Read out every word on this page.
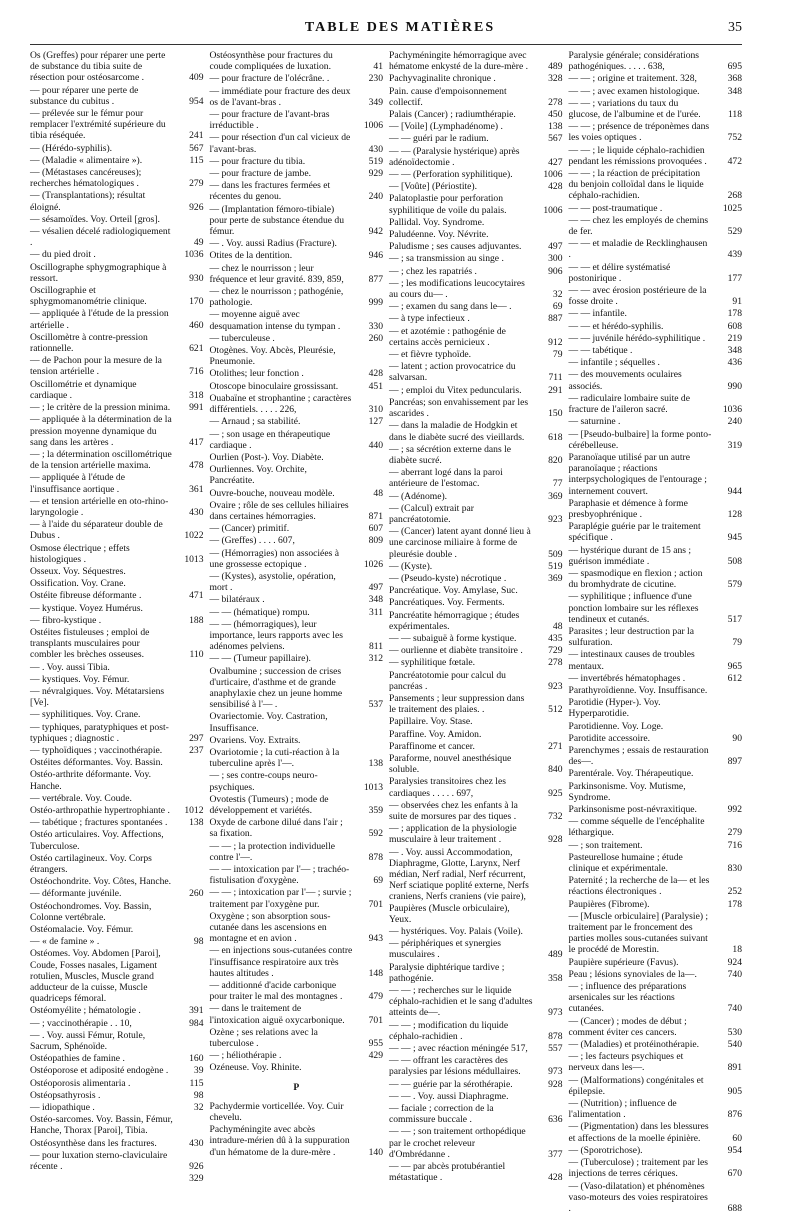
TABLE DES MATIÈRES	35
Os (Greffes) pour réparer une perte de substance du tibia suite de résection pour ostéosarcome .	409
— pour réparer une perte de substance du cubitus .	954
— prélevée sur le fémur pour remplacer l'extrémité supérieure du tibia réséquée.	241
— (Hérédo-syphilis).	567
— (Maladie « alimentaire »).	115
— (Métastases cancéreuses); recherches hématologiques .	279
— (Transplantations); résultat éloigné.	926
— sésamoïdes. Voy. Orteil [gros].
— vésalien décelé radiologiquement .	49
— du pied droit .	1036
Oscillographe sphygmographique à ressort.	930
Oscillographie et sphygmomanométrie clinique.	170
— appliquée à l'étude de la pression artérielle .	460
Oscillomètre à contre-pression rationnelle.	621
— de Pachon pour la mesure de la tension artérielle .	716
Oscillométrie et dynamique cardiaque .	318
— ; le critère de la pression minima.	991
— appliquée à la détermination de la pression moyenne dynamique du sang dans les artères .	417
— ; la détermination oscillométrique de la tension artérielle maxima.	478
— appliquée à l'étude de l'insuffisance aortique .	361
— et tension artérielle en oto-rhino-laryngologie .	430
— à l'aide du séparateur double de Dubus .	1022
Osmose électrique ; effets histologiques .	1013
Osseux. Voy. Séquestres.
Ossification. Voy. Crane.
Ostéite fibreuse déformante .	471
— kystique. Voyez Humérus.
— fibro-kystique .	188
Ostéites fistuleuses ; emploi de transplants musculaires pour combler les brèches osseuses.	110
— . Voy. aussi Tibia.
— kystiques. Voy. Fémur.
— névralgiques. Voy. Métatarsiens [Ve].
— syphilitiques. Voy. Crane.
— typhiques, paratyphiques et post-typhiques ; diagnostic .	297
— typhoïdiques ; vaccinothérapie.	237
Ostéites déformantes. Voy. Bassin.
Ostéo-arthrite déformante. Voy. Hanche.
— vertébrale. Voy. Coude.
Ostéo-arthropathie hypertrophiante .	1012
— tabétique ; fractures spontanées .	138
Ostéo articulaires. Voy. Affections, Tuberculose.
Ostéo cartilagineux. Voy. Corps étrangers.
Ostéochondrite. Voy. Côtes, Hanche.
— déformante juvénile.	260
Ostéochondromes. Voy. Bassin, Colonne vertébrale.
Ostéomalacie. Voy. Fémur.
— « de famine » .	98
Ostéomes. Voy. Abdomen [Paroi], Coude, Fosses nasales, Ligament rotulien, Muscles, Muscle grand adducteur de la cuisse, Muscle quadriceps fémoral.
Ostéomyélite ; hématologie .	391
— ; vaccinothérapie . . 10,	984
— . Voy. aussi Fémur, Rotule, Sacrum, Sphénoïde.
Ostéopathies de famine .	160
Ostéoporose et adiposité endogène .	39
Ostéoporosis alimentaria .	115
Ostéopsathyrosis .	98
— idiopathique .	32
Ostéo-sarcomes. Voy. Bassin, Fémur, Hanche, Thorax [Paroi], Tibia.
Ostéosynthèse dans les fractures.	430
— pour luxation sterno-claviculaire récente .	926
329
Ostéosynthèse pour fractures du coude compliquées de luxation.	41
— pour fracture de l'olécrâne. .	230
— immédiate pour fracture des deux os de l'avant-bras .	349
— pour fracture de l'avant-bras irréductible .	1006
— pour résection d'un cal vicieux de l'avant-bras.	430
— pour fracture du tibia.	519
— pour fracture de jambe.	929
— dans les fractures fermées et récentes du genou.	240
— (Implantation fémoro-tibiale) pour perte de substance étendue du fémur.	942
— . Voy. aussi Radius (Fracture).
Otites de la dentition.	946
— chez le nourrisson ; leur fréquence et leur gravité. 839, 859,	877
— chez le nourrisson ; pathogénie, pathologie.	999
— moyenne aiguë avec desquamation intense du tympan .	330
— tuberculeuse .	260
Otogènes. Voy. Abcès, Pleurésie, Pneumonie.
Otolithes; leur fonction .	428
Otoscope binoculaire grossissant.	451
Ouabaïne et strophantine ; caractères différentiels. . . . . 226,	310
— Arnaud ; sa stabilité.	127
— ; son usage en thérapeutique cardiaque .	440
Ourlien (Post-). Voy. Diabète.
Ourliennes. Voy. Orchite, Pancréatite.
Ouvre-bouche, nouveau modèle.	48
Ovaire ; rôle de ses cellules hiliaires dans certaines hémorragies.	871
— (Cancer) primitif.	607
— (Greffes) . . . . 607,	809
— (Hémorragies) non associées à une grossesse ectopique .	1026
— (Kystes), asystolie, opération, mort .	497
— bilatéraux .	348
— — (hématique) rompu.	311
— — (hémorragiques), leur importance, leurs rapports avec les adénomes pelviens.	811
— — (Tumeur papillaire).	312
Ovalbumine ; succession de crises d'urticaire, d'asthme et de grande anaphylaxie chez un jeune homme sensibilisé à l'— .	537
Ovariectomie. Voy. Castration, Insuffisance.
Ovariens. Voy. Extraits.
Ovariotomie ; la cuti-réaction à la tuberculine après l'—.	138
— ; ses contre-coups neuro-psychiques.	1013
Ovotestis (Tumeurs) ; mode de développement et variétés.	359
Oxyde de carbone dilué dans l'air ; sa fixation.	592
— — ; la protection individuelle contre l'—.	878
— — intoxication par l'— ; trachéo-fistulisation d'oxygène.	69
— — ; intoxication par l'— ; survie ; traitement par l'oxygène pur.	701
Oxygène ; son absorption sous-cutanée dans les ascensions en montagne et en avion .	943
— en injections sous-cutanées contre l'insuffisance respiratoire aux très hautes altitudes .	148
— additionné d'acide carbonique pour traiter le mal des montagnes .	479
— dans le traitement de l'intoxication aiguë oxycarbonique.	701
Ozène ; ses relations avec la tuberculose .	955
— ; héliothérapie .	429
Ozéneuse. Voy. Rhinite.
P
Pachydermie vorticellée. Voy. Cuir chevelu.
Pachyméningite avec abcès intradure-mérien dû à la suppuration d'un hématome de la dure-mère .	140
Pachyméningite hémorragique avec hématome enkysté de la dure-mère .	489
Pachyvaginalite chronique .	328
Pain. cause d'empoisonnement collectif.	278
Palais (Cancer) ; radiumthérapie.	450
— [Voile] (Lymphadénome) .	138
— — guéri par le radium.	567
— — (Paralysie hystérique) après adénoïdectomie .	427
— — (Perforation syphilitique).	1006
— [Voûte] (Périostite).	428
Palatoplastie pour perforation syphilitique de voile du palais.	1006
Pallidal. Voy. Syndrome.
Paludéenne. Voy. Névrite.
Paludisme ; ses causes adjuvantes.	497
— ; sa transmission au singe .	300
— ; chez les rapatriés .	906
— ; les modifications leucocytaires au cours du— .	32
— ; examen du sang dans le— .	69
— à type infectieux .	887
— et azotémie : pathogénie de certains accès pernicieux .	912
— et fièvre typhoïde.	79
— latent ; action provocatrice du salvarsan.	711
— ; emploi du Vitex peduncularis.	291
Pancréas; son envahissement par les ascarides .	150
— dans la maladie de Hodgkin et dans le diabète sucré des vieillards.	618
— ; sa sécrétion externe dans le diabète sucré.	820
— aberrant logé dans la paroi antérieure de l'estomac.	77
— (Adénome).	369
— (Calcul) extrait par pancréatotomie.	923
— (Cancer) latent ayant donné lieu à une carcinose miliaire à forme de pleurésie double .	509
— (Kyste).	519
— (Pseudo-kyste) nécrotique .	369
Pancréatique. Voy. Amylase, Suc.
Pancréatiques. Voy. Ferments.
Pancréatite hémorragique ; études expérimentales.	48
— — subaiguë à forme kystique.	435
— ourlienne et diabète transitoire .	729
— syphilitique fœtale.	278
Pancréatotomie pour calcul du pancréas .	923
Pansements ; leur suppression dans le traitement des plaies. .	512
Papillaire. Voy. Stase.
Paraffine. Voy. Amidon.
Paraffinome et cancer.	271
Paraforme, nouvel anesthésique soluble.	840
Paralysies transitoires chez les cardiaques . . . . . 697,	925
— observées chez les enfants à la suite de morsures par des tiques .	732
— ; application de la physiologie musculaire à leur traitement .	928
— . Voy. aussi Accommodation, Diaphragme, Glotte, Larynx, Nerf médian, Nerf radial, Nerf récurrent, Nerf sciatique poplité externe, Nerfs craniens, Nerfs craniens (vie paire), Paupières (Muscle orbiculaire), Yeux.
— hystériques. Voy. Palais (Voile).
— périphériques et synergies musculaires .	489
Paralysie diphtérique tardive ; pathogénie.	358
— — ; recherches sur le liquide céphalo-rachidien et le sang d'adultes atteints de—.	973
— — ; modification du liquide céphalo-rachidien .	878
— — ; avec réaction méningée 517,	557
— — offrant les caractères des paralysies par lésions médullaires.	973
— — guérie par la sérothérapie.	928
— — . Voy. aussi Diaphragme.
— faciale ; correction de la commissure buccale .	636
— — ; son traitement orthopédique par le crochet releveur d'Ombrédanne .	377
— — par abcès protubérantiel métastatique .	428
Paralysie générale; considérations pathogéniques. . . . . 638,	695
— — ; origine et traitement. 328,	368
— — ; avec examen histologique.	348
— — ; variations du taux du glucose, de l'albumine et de l'urée.	118
— — ; présence de tréponèmes dans les voies optiques .	752
— — ; le liquide céphalo-rachidien pendant les rémissions provoquées .	472
— — ; la réaction de précipitation du benjoin colloïdal dans le liquide céphalo-rachidien.	268
— — post-traumatique .	1025
— — chez les employés de chemins de fer.	529
— — et maladie de Recklinghausen .	439
— — et délire systématisé postonirique .	177
— — avec érosion postérieure de la fosse droite .	91
— — infantile.	178
— — et hérédo-syphilis.	608
— — juvénile hérédo-syphilitique .	219
— — tabétique .	348
— infantile ; séquelles .	436
— des mouvements oculaires associés.	990
— radiculaire lombaire suite de fracture de l'aileron sacré.	1036
— saturnine .	240
— [Pseudo-bulbaire] la forme ponto-cérébelleuse.	319
Paranoïaque utilisé par un autre paranoïaque ; réactions interpsychologiques de l'entourage ; internement couvert.	944
Paraphasie et démence à forme presbyophrénique .	128
Paraplégie guérie par le traitement spécifique .	945
— hystérique durant de 15 ans ; guérison immédiate .	508
— spasmodique en flexion ; action du bromhydrate de cicutine.	579
— syphilitique ; influence d'une ponction lombaire sur les réflexes tendineux et cutanés.	517
Parasites ; leur destruction par la sulfuration.	79
— intestinaux causes de troubles mentaux.	965
— invertébrés hématophages .	612
Parathyroïdienne. Voy. Insuffisance.
Parotidie (Hyper-). Voy. Hyperparotidie.
Parotidienne. Voy. Loge.
Parotidite accessoire.	90
Parenchymes ; essais de restauration des—.	897
Parentérale. Voy. Thérapeutique.
Parkinsonisme. Voy. Mutisme, Syndrome.
Parkinsonisme post-névraxitique.	992
— comme séquelle de l'encéphalite léthargique.	279
— ; son traitement.	716
Pasteurellose humaine ; étude clinique et expérimentale.	830
Paternité ; la recherche de la— et les réactions électroniques .	252
Paupières (Fibrome).	178
— [Muscle orbiculaire] (Paralysie) ; traitement par le froncement des parties molles sous-cutanées suivant le procédé de Morestin.	18
Paupière supérieure (Favus).	924
Peau ; lésions synoviales de la—.	740
— ; influence des préparations arsenicales sur les réactions cutanées.	740
— (Cancer) ; modes de début ; comment éviter ces cancers.	530
— (Maladies) et protéinothérapie.	540
— ; les facteurs psychiques et nerveux dans les—.	891
— (Malformations) congénitales et épilepsie.	905
— (Nutrition) ; influence de l'alimentation .	876
— (Pigmentation) dans les blessures et affections de la moelle épinière.	60
— (Sporotrichose).	954
— (Tuberculose) ; traitement par les injections de terres cériques.	670
— (Vaso-dilatation) et phénomènes vaso-moteurs des voies respiratoires .	688
